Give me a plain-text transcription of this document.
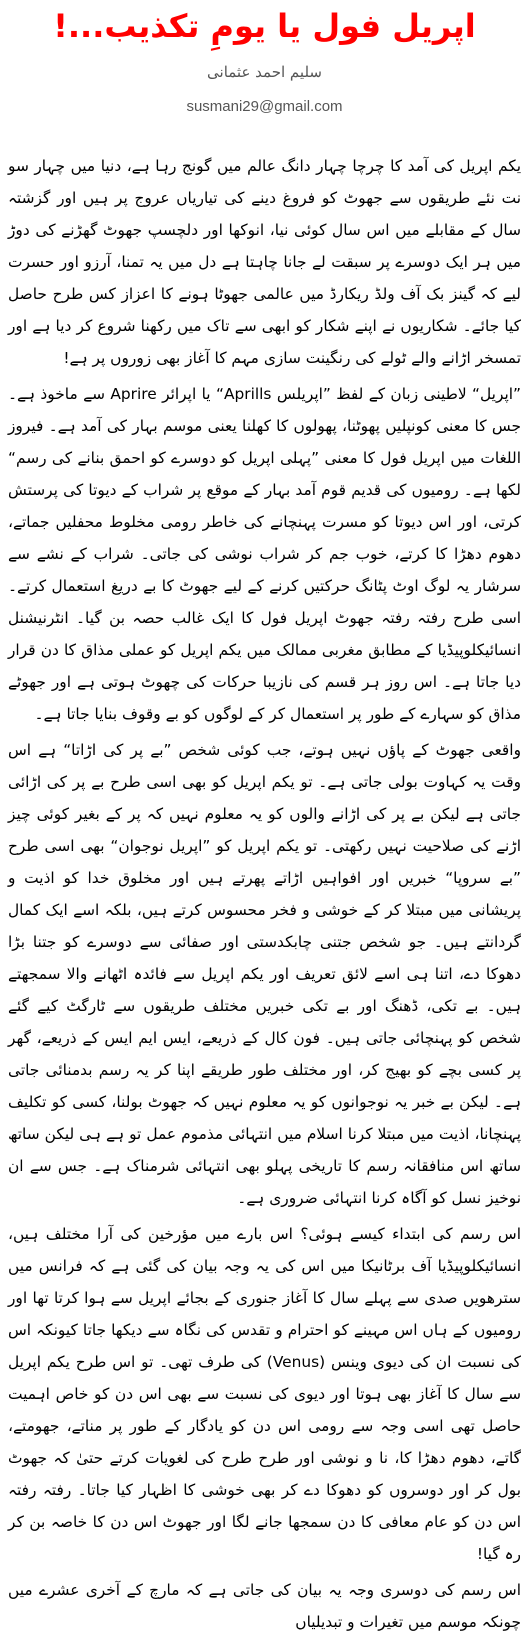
اپریل فول یا یومِ تکذیب...!
سلیم احمد عثمانی
susmani29@gmail.com

یکم اپریل کی آمد کا چرچا چہار دانگ عالم میں گونج رہا ہے، دنیا میں چہار سو نت نئے طریقوں سے جھوٹ کو فروغ دینے کی تیاریاں عروج پر ہیں اور گزشتہ سال کے مقابلے میں اس سال کوئی نیا، انوکھا اور دلچسپ جھوٹ گھڑنے کی دوڑ میں ہر ایک دوسرے پر سبقت لے جانا چاہتا ہے دل میں یہ تمنا، آرزو اور حسرت لیے کہ گینز بک آف ولڈ ریکارڈ میں عالمی جھوٹا ہونے کا اعزاز کس طرح حاصل کیا جائے۔ شکاریوں نے اپنے شکار کو ابھی سے تاک میں رکھنا شروع کر دیا ہے اور تمسخر اڑانے والے ٹولے کی رنگینت سازی مہم کا آغاز بھی زوروں پر ہے!

”اپریل“ لاطینی زبان کے لفظ ”اپریلس Aprills“ یا اپرائر Aprire سے ماخوذ ہے۔ جس کا معنی کونپلیں پھوٹنا، پھولوں کا کھلنا یعنی موسم بہار کی آمد ہے۔ فیروز اللغات میں اپریل فول کا معنی ”پہلی اپریل کو دوسرے کو احمق بنانے کی رسم“ لکھا ہے۔ رومیوں کی قدیم قوم آمد بہار کے موقع پر شراب کے دیوتا کی پرستش کرتی، اور اس دیوتا کو مسرت پہنچانے کی خاطر رومی مخلوط محفلیں جماتے، دھوم دھڑا کا کرتے، خوب جم کر شراب نوشی کی جاتی۔ شراب کے نشے سے سرشار یہ لوگ اوٹ پٹانگ حرکتیں کرنے کے لیے جھوٹ کا بے دریغ استعمال کرتے۔ اسی طرح رفتہ رفتہ جھوٹ اپریل فول کا ایک غالب حصہ بن گیا۔ انٹرنیشنل انسائیکلوپیڈیا کے مطابق مغربی ممالک میں یکم اپریل کو عملی مذاق کا دن قرار دیا جاتا ہے۔ اس روز ہر قسم کی نازیبا حرکات کی چھوٹ ہوتی ہے اور جھوٹے مذاق کو سہارے کے طور پر استعمال کر کے لوگوں کو بے وقوف بنایا جاتا ہے۔

واقعی جھوٹ کے پاؤں نہیں ہوتے، جب کوئی شخص ”بے پر کی اڑاتا“ ہے اس وقت یہ کہاوت بولی جاتی ہے۔ تو یکم اپریل کو بھی اسی طرح بے پر کی اڑائی جاتی ہے لیکن بے پر کی اڑانے والوں کو یہ معلوم نہیں کہ پر کے بغیر کوئی چیز اڑنے کی صلاحیت نہیں رکھتی۔ تو یکم اپریل کو ”اپریل نوجوان“ بھی اسی طرح ”بے سروپا“ خبریں اور افواہیں اڑاتے پھرتے ہیں اور مخلوق خدا کو اذیت و پریشانی میں مبتلا کر کے خوشی و فخر محسوس کرتے ہیں، بلکہ اسے ایک کمال گردانتے ہیں۔ جو شخص جتنی چابکدستی اور صفائی سے دوسرے کو جتنا بڑا دھوکا دے، اتنا ہی اسے لائق تعریف اور یکم اپریل سے فائدہ اٹھانے والا سمجھتے ہیں۔ بے تکی، ڈھنگ اور بے تکی خبریں مختلف طریقوں سے ٹارگٹ کیے گئے شخص کو پہنچائی جاتی ہیں۔ فون کال کے ذریعے، ایس ایم ایس کے ذریعے، گھر پر کسی بچے کو بھیج کر، اور مختلف طور طریقے اپنا کر یہ رسم بدمنائی جاتی ہے۔ لیکن بے خبر یہ نوجوانوں کو یہ معلوم نہیں کہ جھوٹ بولنا، کسی کو تکلیف پہنچانا، اذیت میں مبتلا کرنا اسلام میں انتہائی مذموم عمل تو ہے ہی لیکن ساتھ ساتھ اس منافقانہ رسم کا تاریخی پہلو بھی انتہائی شرمناک ہے۔ جس سے ان نوخیز نسل کو آگاہ کرنا انتہائی ضروری ہے۔

اس رسم کی ابتداء کیسے ہوئی؟ اس بارے میں مؤرخین کی آرا مختلف ہیں، انسائیکلوپیڈیا آف برٹانیکا میں اس کی یہ وجہ بیان کی گئی ہے کہ فرانس میں سترھویں صدی سے پہلے سال کا آغاز جنوری کے بجائے اپریل سے ہوا کرتا تھا اور رومیوں کے ہاں اس مہینے کو احترام و تقدس کی نگاہ سے دیکھا جاتا کیونکہ اس کی نسبت ان کی دیوی وینس (Venus) کی طرف تھی۔ تو اس طرح یکم اپریل سے سال کا آغاز بھی ہوتا اور دیوی کی نسبت سے بھی اس دن کو خاص اہمیت حاصل تھی اسی وجہ سے رومی اس دن کو یادگار کے طور پر مناتے، جھومتے، گاتے، دھوم دھڑا کا، نا و نوشی اور طرح طرح کی لغویات کرتے حتیٰ کہ جھوٹ بول کر اور دوسروں کو دھوکا دے کر بھی خوشی کا اظہار کیا جاتا۔ رفتہ رفتہ اس دن کو عام معافی کا دن سمجھا جانے لگا اور جھوٹ اس دن کا خاصہ بن کر رہ گیا!

اس رسم کی دوسری وجہ یہ بیان کی جاتی ہے کہ مارچ کے آخری عشرے میں چونکہ موسم میں تغیرات و تبدیلیاں
